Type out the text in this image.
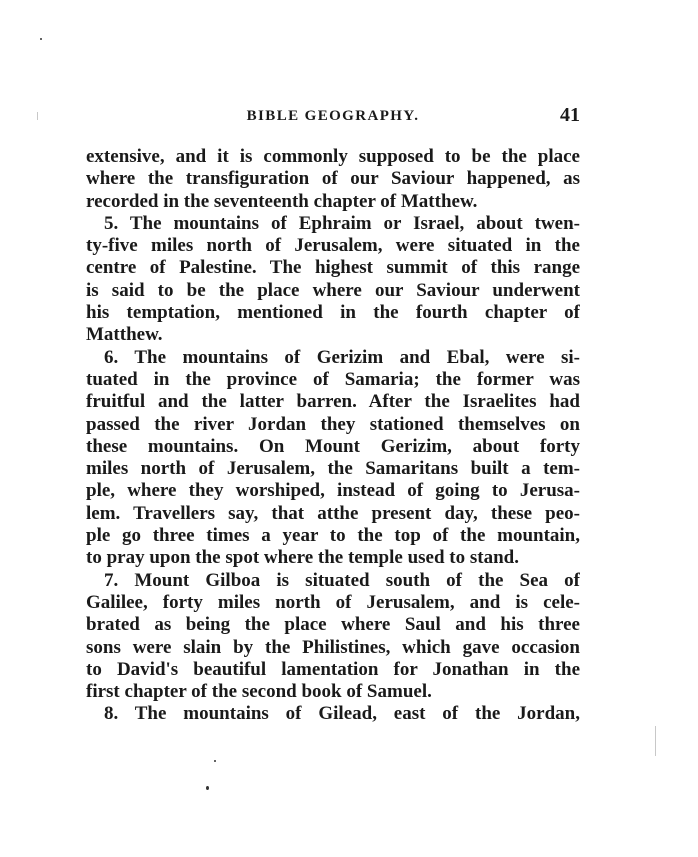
BIBLE GEOGRAPHY.	41
extensive, and it is commonly supposed to be the place
where the transfiguration of our Saviour happened, as
recorded in the seventeenth chapter of Matthew.
5. The mountains of Ephraim or Israel, about twen-
ty-five miles north of Jerusalem, were situated in the
centre of Palestine. The highest summit of this range
is said to be the place where our Saviour underwent
his temptation, mentioned in the fourth chapter of
Matthew.
6. The mountains of Gerizim and Ebal, were si-
tuated in the province of Samaria; the former was
fruitful and the latter barren. After the Israelites had
passed the river Jordan they stationed themselves on
these mountains. On Mount Gerizim, about forty
miles north of Jerusalem, the Samaritans built a tem-
ple, where they worshiped, instead of going to Jerusa-
lem. Travellers say, that atthe present day, these peo-
ple go three times a year to the top of the mountain,
to pray upon the spot where the temple used to stand.
7. Mount Gilboa is situated south of the Sea of
Galilee, forty miles north of Jerusalem, and is cele-
brated as being the place where Saul and his three
sons were slain by the Philistines, which gave occasion
to David's beautiful lamentation for Jonathan in the
first chapter of the second book of Samuel.
8. The mountains of Gilead, east of the Jordan,
